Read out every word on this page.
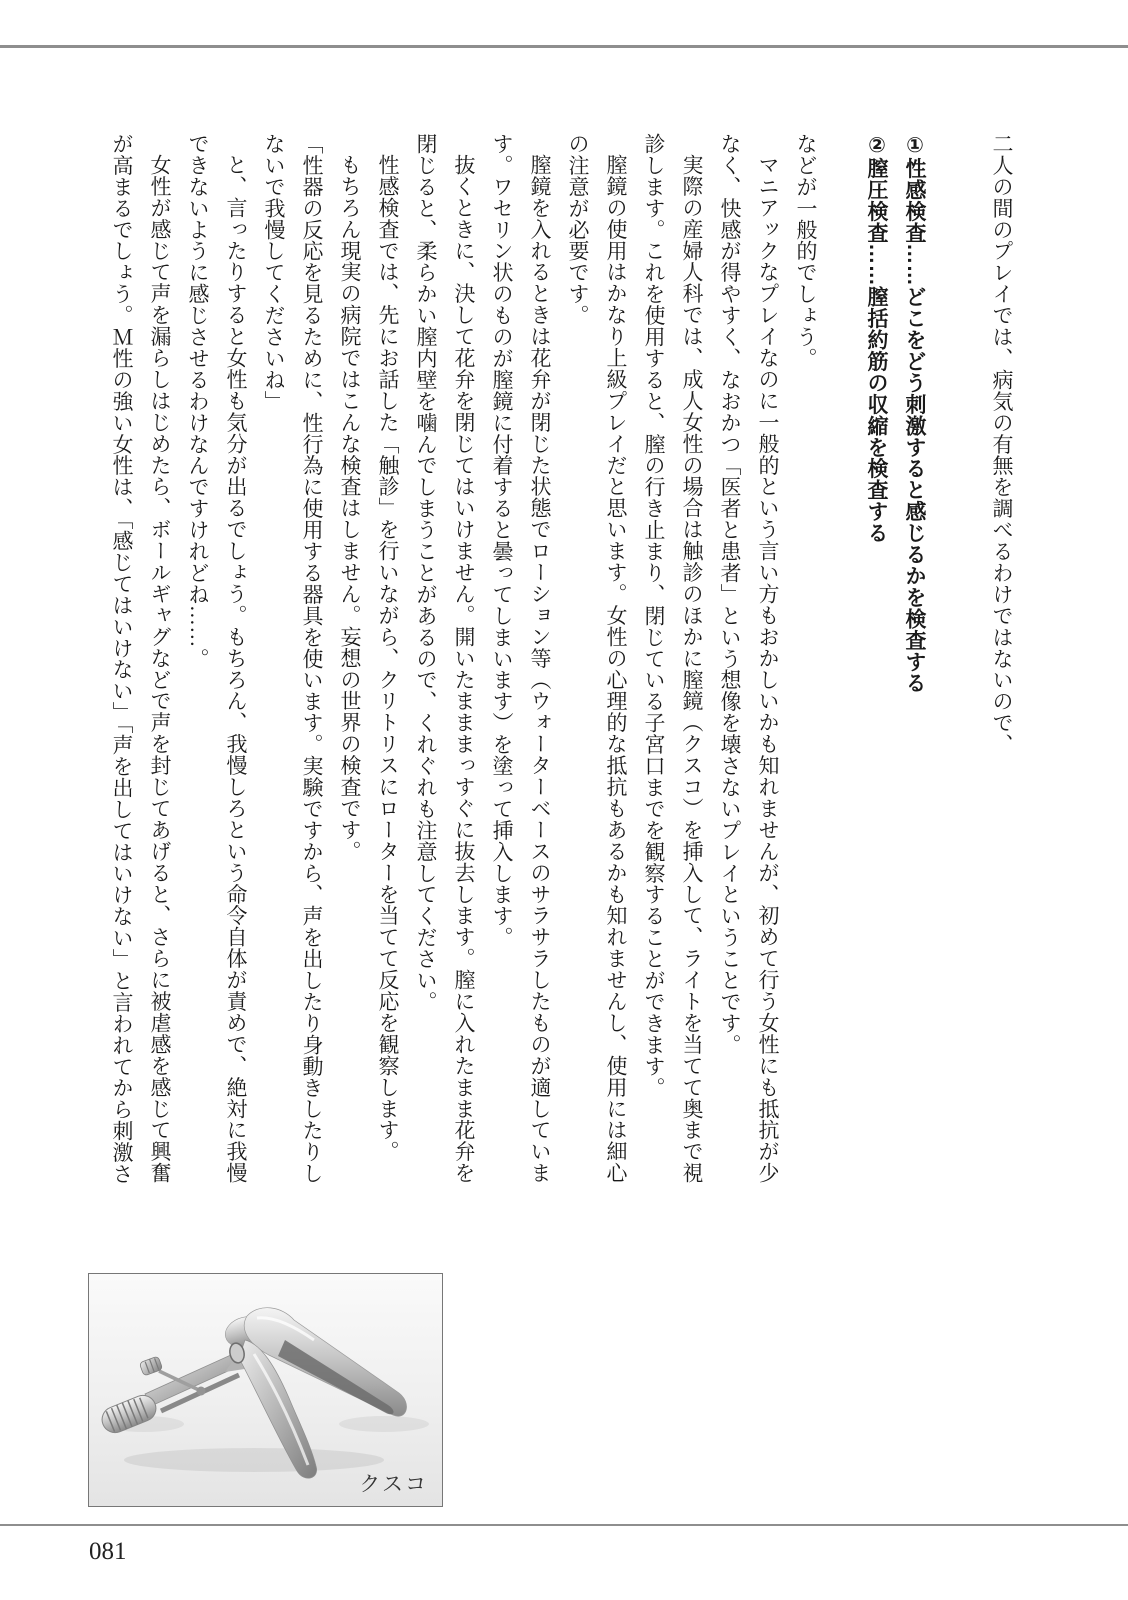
二人の間のプレイでは、病気の有無を調べるわけではないので、
①性感検査……どこをどう刺激すると感じるかを検査する
②膣圧検査……膣括約筋の収縮を検査する
などが一般的でしょう。
マニアックなプレイなのに一般的という言い方もおかしいかも知れませんが、初めて行う女性にも抵抗が少
なく、快感が得やすく、なおかつ「医者と患者」という想像を壊さないプレイということです。
実際の産婦人科では、成人女性の場合は触診のほかに膣鏡（クスコ）を挿入して、ライトを当てて奥まで視
診します。これを使用すると、膣の行き止まり、閉じている子宮口までを観察することができます。
膣鏡の使用はかなり上級プレイだと思います。女性の心理的な抵抗もあるかも知れませんし、使用には細心
の注意が必要です。
膣鏡を入れるときは花弁が閉じた状態でローション等（ウォーターベースのサラサラしたものが適していま
す。ワセリン状のものが膣鏡に付着すると曇ってしまいます）を塗って挿入します。
抜くときに、決して花弁を閉じてはいけません。開いたまままっすぐに抜去します。膣に入れたまま花弁を
閉じると、柔らかい膣内壁を噛んでしまうことがあるので、くれぐれも注意してください。
性感検査では、先にお話した「触診」を行いながら、クリトリスにローターを当てて反応を観察します。
もちろん現実の病院ではこんな検査はしません。妄想の世界の検査です。
「性器の反応を見るために、性行為に使用する器具を使います。実験ですから、声を出したり身動きしたりし
ないで我慢してくださいね」
と、言ったりすると女性も気分が出るでしょう。もちろん、我慢しろという命令自体が責めで、絶対に我慢
できないように感じさせるわけなんですけれどね……。
女性が感じて声を漏らしはじめたら、ボールギャグなどで声を封じてあげると、さらに被虐感を感じて興奮
が高まるでしょう。Ｍ性の強い女性は、「感じてはいけない」「声を出してはいけない」と言われてから刺激さ
クスコ
081
